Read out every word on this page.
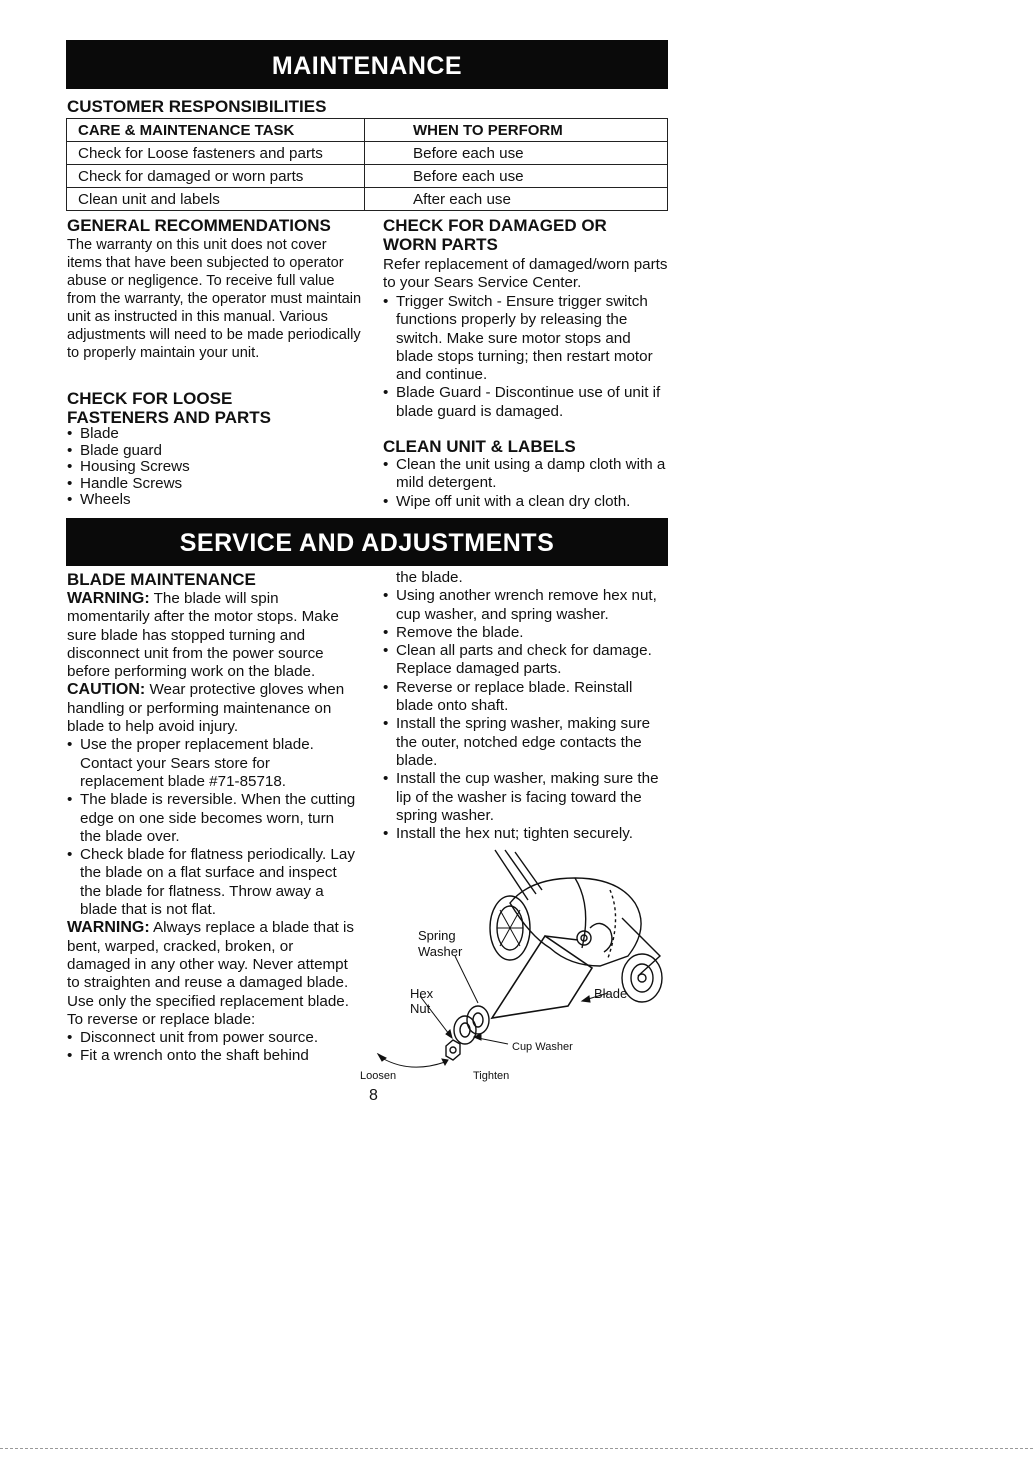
MAINTENANCE
CUSTOMER RESPONSIBILITIES
CARE & MAINTENANCE TASK	WHEN TO PERFORM
Check for Loose fasteners and parts	Before each use
Check for damaged or worn parts	Before each use
Clean unit and labels	After each use
GENERAL RECOMMENDATIONS

The warranty on this unit does not cover items that have been subjected to operator abuse or negligence. To receive full value from the warranty, the operator must maintain unit as instructed in this manual. Various adjustments will need to be made periodically to properly maintain your unit.

CHECK FOR LOOSE
FASTENERS AND PARTS
• Blade
• Blade guard
• Housing Screws
• Handle Screws
• Wheels
CHECK FOR DAMAGED OR
WORN PARTS

Refer replacement of damaged/worn parts to your Sears Service Center.

• Trigger Switch - Ensure trigger switch functions properly by releasing the switch. Make sure motor stops and blade stops turning; then restart motor and continue.
• Blade Guard - Discontinue use of unit if blade guard is damaged.
CLEAN UNIT & LABELS
• Clean the unit using a damp cloth with a mild detergent.
• Wipe off unit with a clean dry cloth.
SERVICE AND ADJUSTMENTS
BLADE MAINTENANCE

WARNING: The blade will spin momentarily after the motor stops. Make sure blade has stopped turning and disconnect unit from the power source before performing work on the blade.

CAUTION: Wear protective gloves when handling or performing maintenance on blade to help avoid injury.

• Use the proper replacement blade. Contact your Sears store for replacement blade #71-85718.
• The blade is reversible. When the cutting edge on one side becomes worn, turn the blade over.
• Check blade for flatness periodically. Lay the blade on a flat surface and inspect the blade for flatness. Throw away a blade that is not flat.

WARNING: Always replace a blade that is bent, warped, cracked, broken, or damaged in any other way. Never attempt to straighten and reuse a damaged blade. Use only the specified replacement blade.

To reverse or replace blade:

• Disconnect unit from power source.
• Fit a wrench onto the shaft behind

the blade.

• Using another wrench remove hex nut, cup washer, and spring washer.
• Remove the blade.
• Clean all parts and check for damage. Replace damaged parts.
• Reverse or replace blade. Reinstall blade onto shaft.
• Install the spring washer, making sure the outer, notched edge contacts the blade.
• Install the cup washer, making sure the lip of the washer is facing toward the spring washer.
• Install the hex nut; tighten securely.
Spring
Washer
Hex
Nut
Blade
Cup Washer
Loosen	Tighten
8
